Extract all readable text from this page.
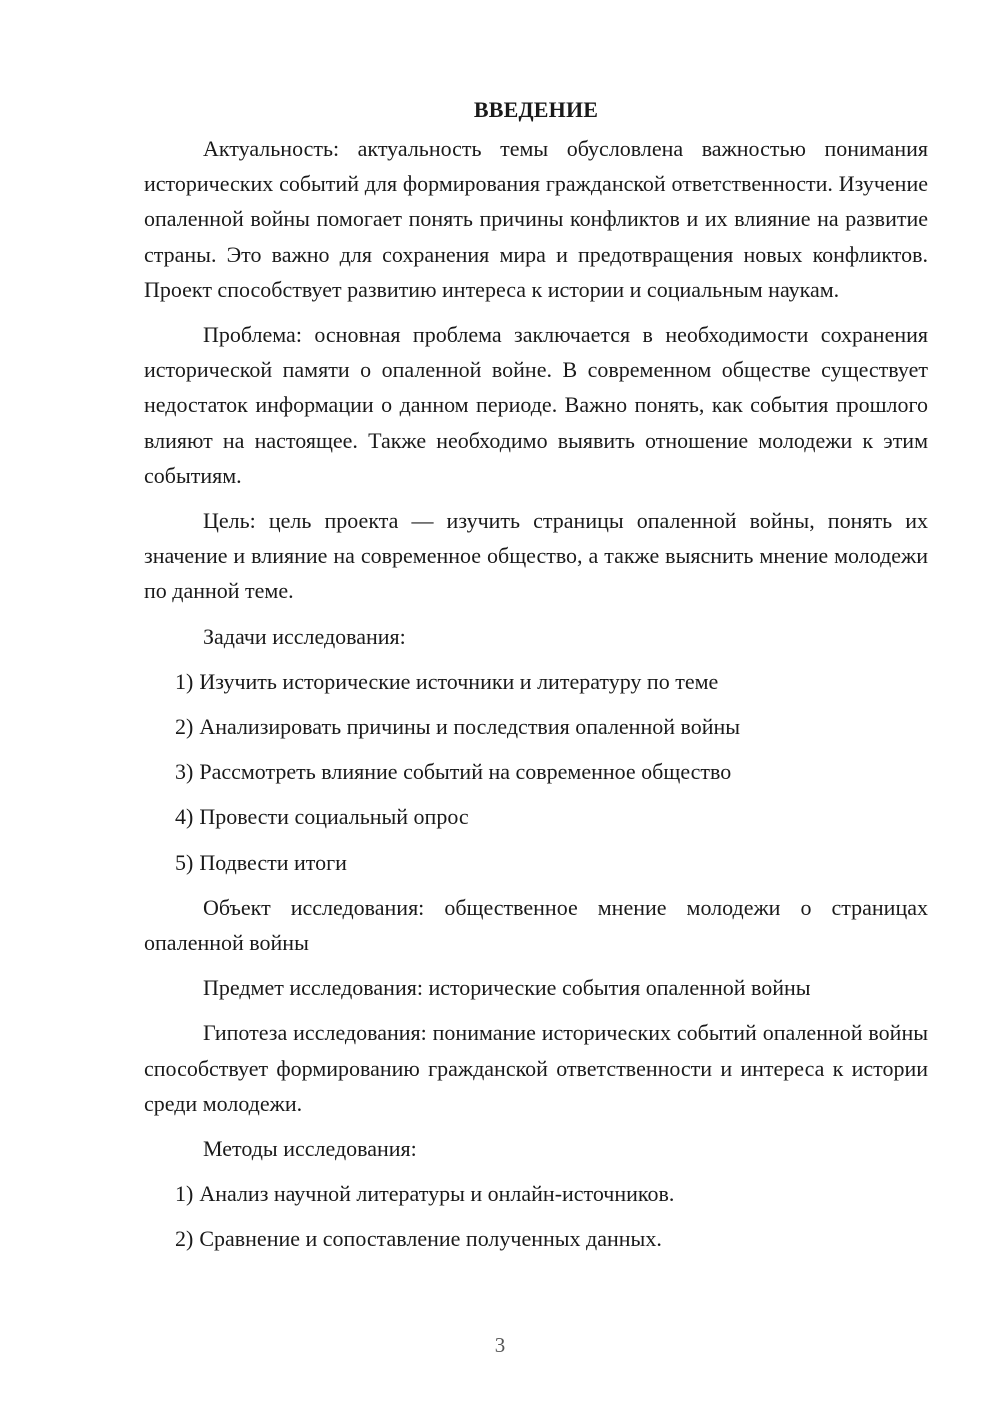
ВВЕДЕНИЕ

Актуальность: актуальность темы обусловлена важностью понимания исторических событий для формирования гражданской ответственности. Изучение опаленной войны помогает понять причины конфликтов и их влияние на развитие страны. Это важно для сохранения мира и предотвращения новых конфликтов. Проект способствует развитию интереса к истории и социальным наукам.

Проблема: основная проблема заключается в необходимости сохранения исторической памяти о опаленной войне. В современном обществе существует недостаток информации о данном периоде. Важно понять, как события прошлого влияют на настоящее. Также необходимо выявить отношение молодежи к этим событиям.

Цель: цель проекта — изучить страницы опаленной войны, понять их значение и влияние на современное общество, а также выяснить мнение молодежи по данной теме.

Задачи исследования:

1) Изучить исторические источники и литературу по теме

2) Анализировать причины и последствия опаленной войны

3) Рассмотреть влияние событий на современное общество

4) Провести социальный опрос

5) Подвести итоги

Объект исследования: общественное мнение молодежи о страницах опаленной войны

Предмет исследования: исторические события опаленной войны

Гипотеза исследования: понимание исторических событий опаленной войны способствует формированию гражданской ответственности и интереса к истории среди молодежи.

Методы исследования:

1) Анализ научной литературы и онлайн-источников.

2) Сравнение и сопоставление полученных данных.

3
